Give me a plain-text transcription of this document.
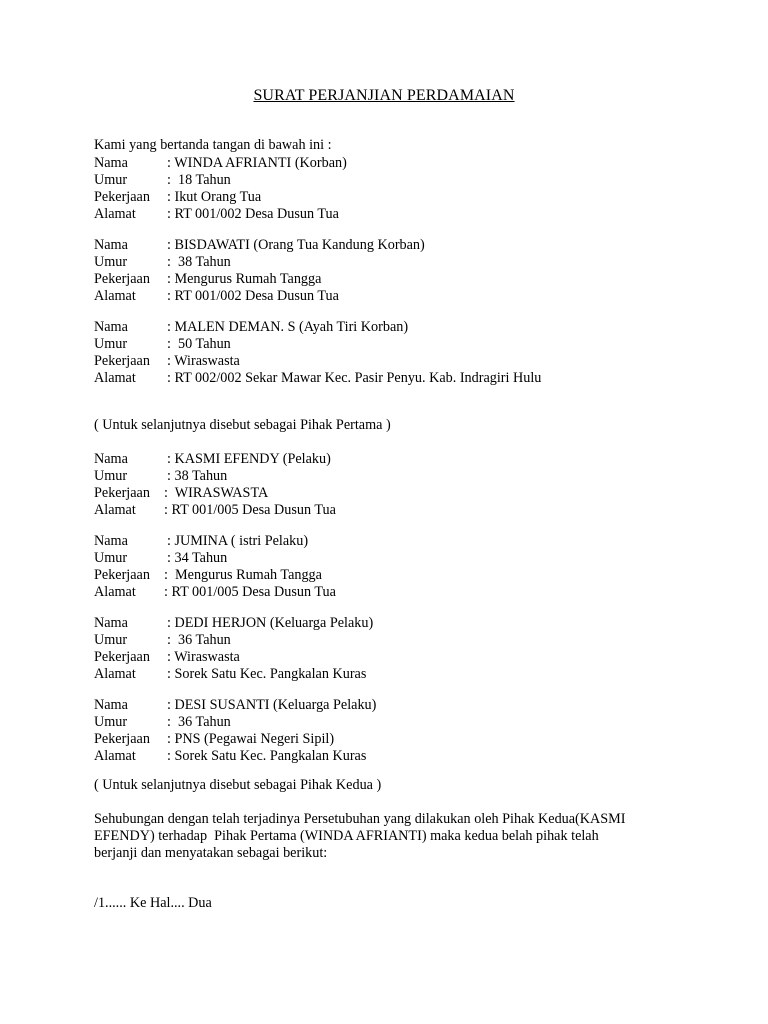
SURAT PERJANJIAN PERDAMAIAN
Kami yang bertanda tangan di bawah ini :
Nama	: WINDA AFRIANTI (Korban)
Umur	:  18 Tahun
Pekerjaan : Ikut Orang Tua
Alamat : RT 001/002 Desa Dusun Tua
Nama	: BISDAWATI (Orang Tua Kandung Korban)
Umur	:  38 Tahun
Pekerjaan : Mengurus Rumah Tangga
Alamat : RT 001/002 Desa Dusun Tua
Nama	: MALEN DEMAN. S (Ayah Tiri Korban)
Umur	:  50 Tahun
Pekerjaan : Wiraswasta
Alamat : RT 002/002 Sekar Mawar Kec. Pasir Penyu. Kab. Indragiri Hulu
( Untuk selanjutnya disebut sebagai Pihak Pertama )
Nama	: KASMI EFENDY (Pelaku)
Umur	: 38 Tahun
Pekerjaan :  WIRASWASTA
Alamat : RT 001/005 Desa Dusun Tua
Nama	: JUMINA ( istri Pelaku)
Umur	: 34 Tahun
Pekerjaan :  Mengurus Rumah Tangga
Alamat : RT 001/005 Desa Dusun Tua
Nama	: DEDI HERJON (Keluarga Pelaku)
Umur	:  36 Tahun
Pekerjaan : Wiraswasta
Alamat : Sorek Satu Kec. Pangkalan Kuras
Nama	: DESI SUSANTI (Keluarga Pelaku)
Umur	:  36 Tahun
Pekerjaan : PNS (Pegawai Negeri Sipil)
Alamat : Sorek Satu Kec. Pangkalan Kuras
( Untuk selanjutnya disebut sebagai Pihak Kedua )
Sehubungan dengan telah terjadinya Persetubuhan yang dilakukan oleh Pihak Kedua(KASMI
EFENDY) terhadap  Pihak Pertama (WINDA AFRIANTI) maka kedua belah pihak telah
berjanji dan menyatakan sebagai berikut:
/1...... Ke Hal.... Dua
